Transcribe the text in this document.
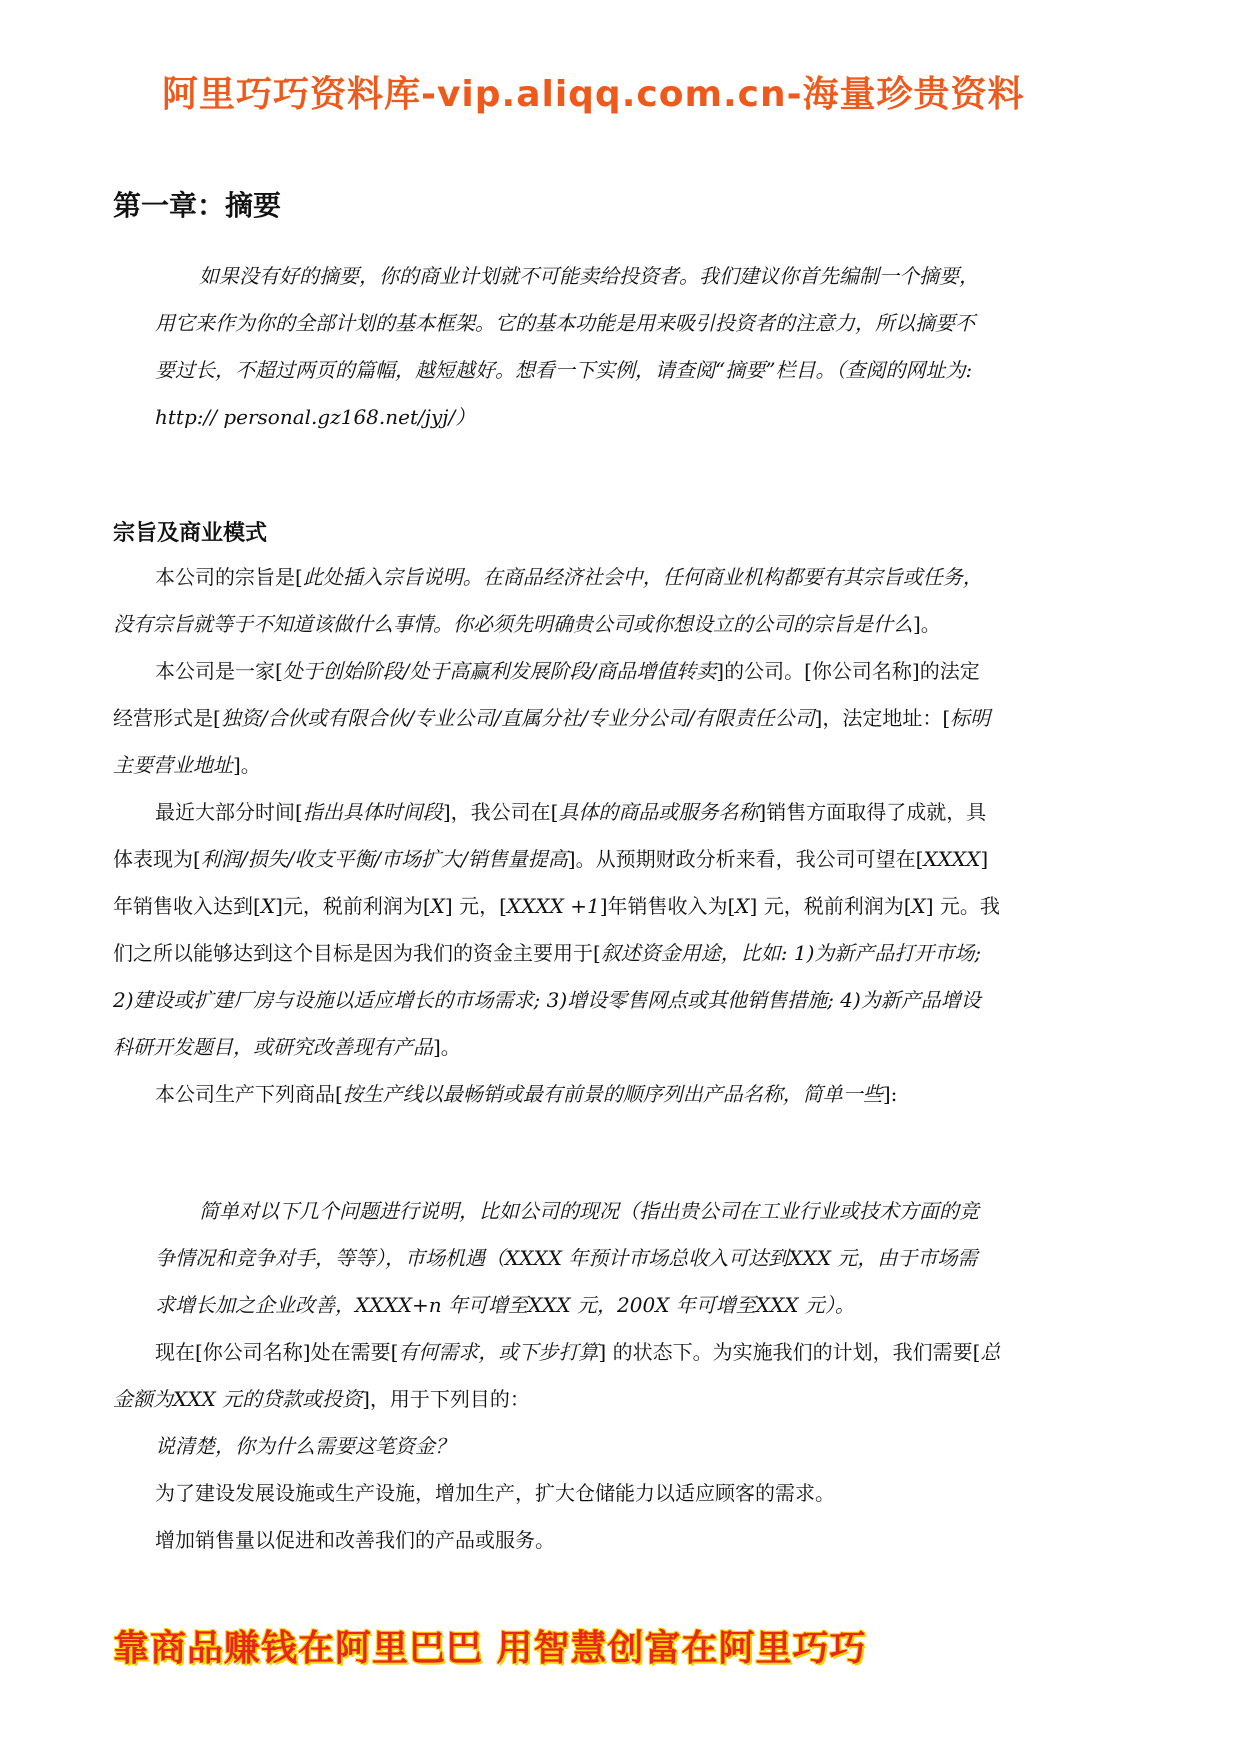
阿里巧巧资料库-vip.aliqq.com.cn-海量珍贵资料
第一章：摘要
如果没有好的摘要，你的商业计划就不可能卖给投资者。我们建议你首先编制一个摘要，
用它来作为你的全部计划的基本框架。它的基本功能是用来吸引投资者的注意力，所以摘要不
要过长，不超过两页的篇幅，越短越好。想看一下实例，请查阅“摘要”栏目。（查阅的网址为:
http:// personal.gz168.net/jyj/）
宗旨及商业模式
本公司的宗旨是[此处插入宗旨说明。在商品经济社会中，任何商业机构都要有其宗旨或任务，
没有宗旨就等于不知道该做什么事情。你必须先明确贵公司或你想设立的公司的宗旨是什么]。
本公司是一家[处于创始阶段/处于高赢利发展阶段/商品增值转卖]的公司。[你公司名称]的法定
经营形式是[独资/合伙或有限合伙/专业公司/直属分社/专业分公司/有限责任公司]，法定地址：[标明
主要营业地址]。
最近大部分时间[指出具体时间段]，我公司在[具体的商品或服务名称]销售方面取得了成就，具
体表现为[利润/损失/收支平衡/市场扩大/销售量提高]。从预期财政分析来看，我公司可望在[XXXX]
年销售收入达到[X]元，税前利润为[X] 元，[XXXX +1]年销售收入为[X] 元，税前利润为[X] 元。我
们之所以能够达到这个目标是因为我们的资金主要用于[叙述资金用途，比如: 1)为新产品打开市场;
2)建设或扩建厂房与设施以适应增长的市场需求; 3)增设零售网点或其他销售措施; 4)为新产品增设
科研开发题目，或研究改善现有产品]。
本公司生产下列商品[按生产线以最畅销或最有前景的顺序列出产品名称，简单一些]:
简单对以下几个问题进行说明，比如公司的现况（指出贵公司在工业行业或技术方面的竞
争情况和竞争对手，等等），市场机遇（XXXX 年预计市场总收入可达到XXX 元，由于市场需
求增长加之企业改善，XXXX+n 年可增至XXX 元，200X 年可增至XXX 元）。
现在[你公司名称]处在需要[有何需求，或下步打算] 的状态下。为实施我们的计划，我们需要[总
金额为XXX 元的贷款或投资]，用于下列目的：
说清楚，你为什么需要这笔资金？
为了建设发展设施或生产设施，增加生产，扩大仓储能力以适应顾客的需求。
增加销售量以促进和改善我们的产品或服务。
靠商品赚钱在阿里巴巴 用智慧创富在阿里巧巧
